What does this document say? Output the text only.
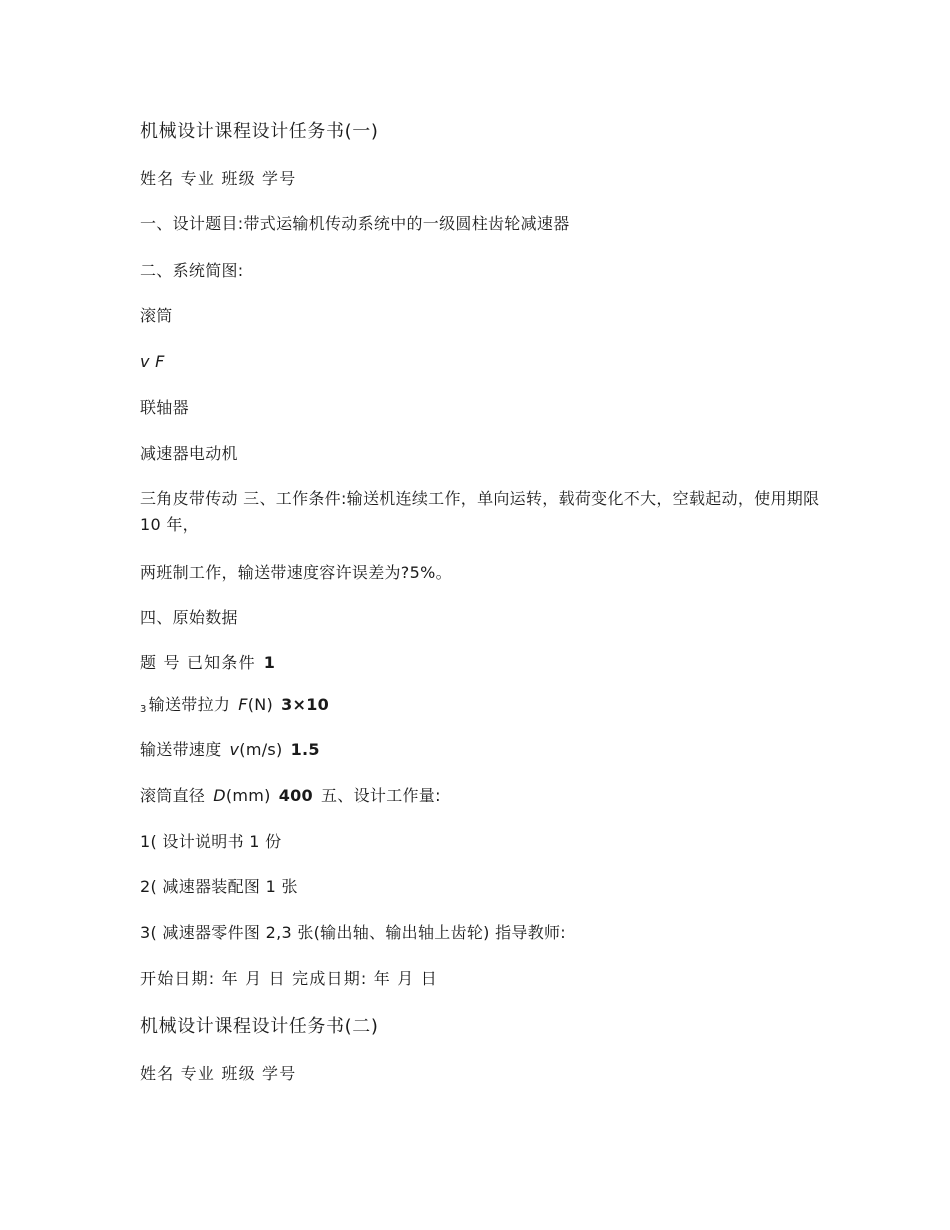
机械设计课程设计任务书(一)
姓名 专业 班级 学号
一、设计题目:带式运输机传动系统中的一级圆柱齿轮减速器
二、系统简图:
滚筒
v F
联轴器
减速器电动机
三角皮带传动 三、工作条件:输送机连续工作，单向运转，载荷变化不大，空载起动，使用期限 10 年，
两班制工作，输送带速度容许误差为?5%。
四、原始数据
题 号 已知条件 1
$_3$ 输送带拉力 F(N) 3×10
输送带速度 v(m/s) 1.5
滚筒直径 D(mm) 400 五、设计工作量:
1( 设计说明书 1 份
2( 减速器装配图 1 张
3( 减速器零件图 2,3 张(输出轴、输出轴上齿轮) 指导教师:
开始日期: 年 月 日 完成日期: 年 月 日
机械设计课程设计任务书(二)
姓名 专业 班级 学号
